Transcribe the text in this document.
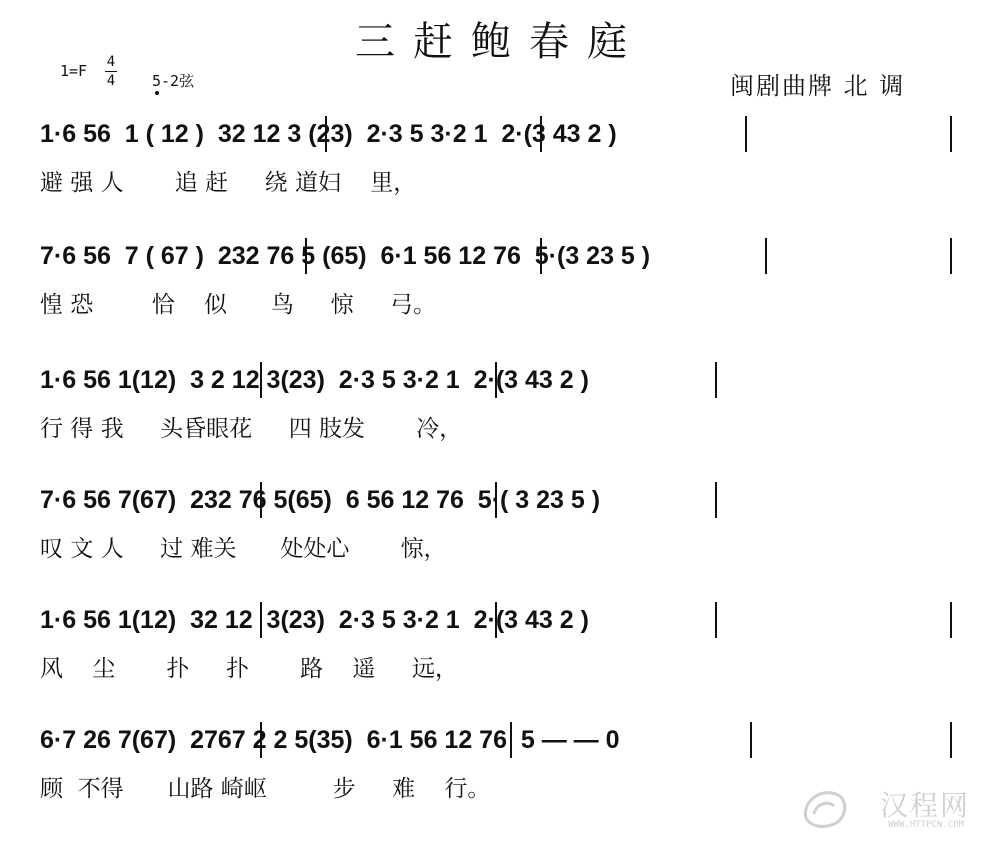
三赶鲍春庭
1=F 4
4 5-2弦	闽剧曲牌 北 调
1·6 56  1 ( 12 )  32 12 3 (23)  2·3 5 3·2 1  2·(3 43 2 )
避 强 人       追 赶     绕 道妇    里，
7·6 56  7 ( 67 )  232 76 5 (65)  6·1 56 12 76  5·(3 23 5 )
惶 恐        恰    似      鸟     惊     弓。
1·6 56 1(12)  3 2 12 3(23)  2·3 5 3·2 1  2·(3 43 2 )
行 得 我     头昏眼花     四 肢发       冷，
7·6 56 7(67)  232 76 5(65)  6 56 12 76  5·( 3 23 5 )
叹 文 人     过 难关      处处心       惊，
1·6 56 1(12)  32 12  3(23)  2·3 5 3·2 1  2·(3 43 2 )
风    尘       扑     扑       路    遥     远，
6·7 26 7(67)  2767 2 2 5(35)  6·1 56 12 76  5 — — 0
顾  不得      山路 崎岖         步     难    行。	汉程网
WWW.HTTPCN.COM
